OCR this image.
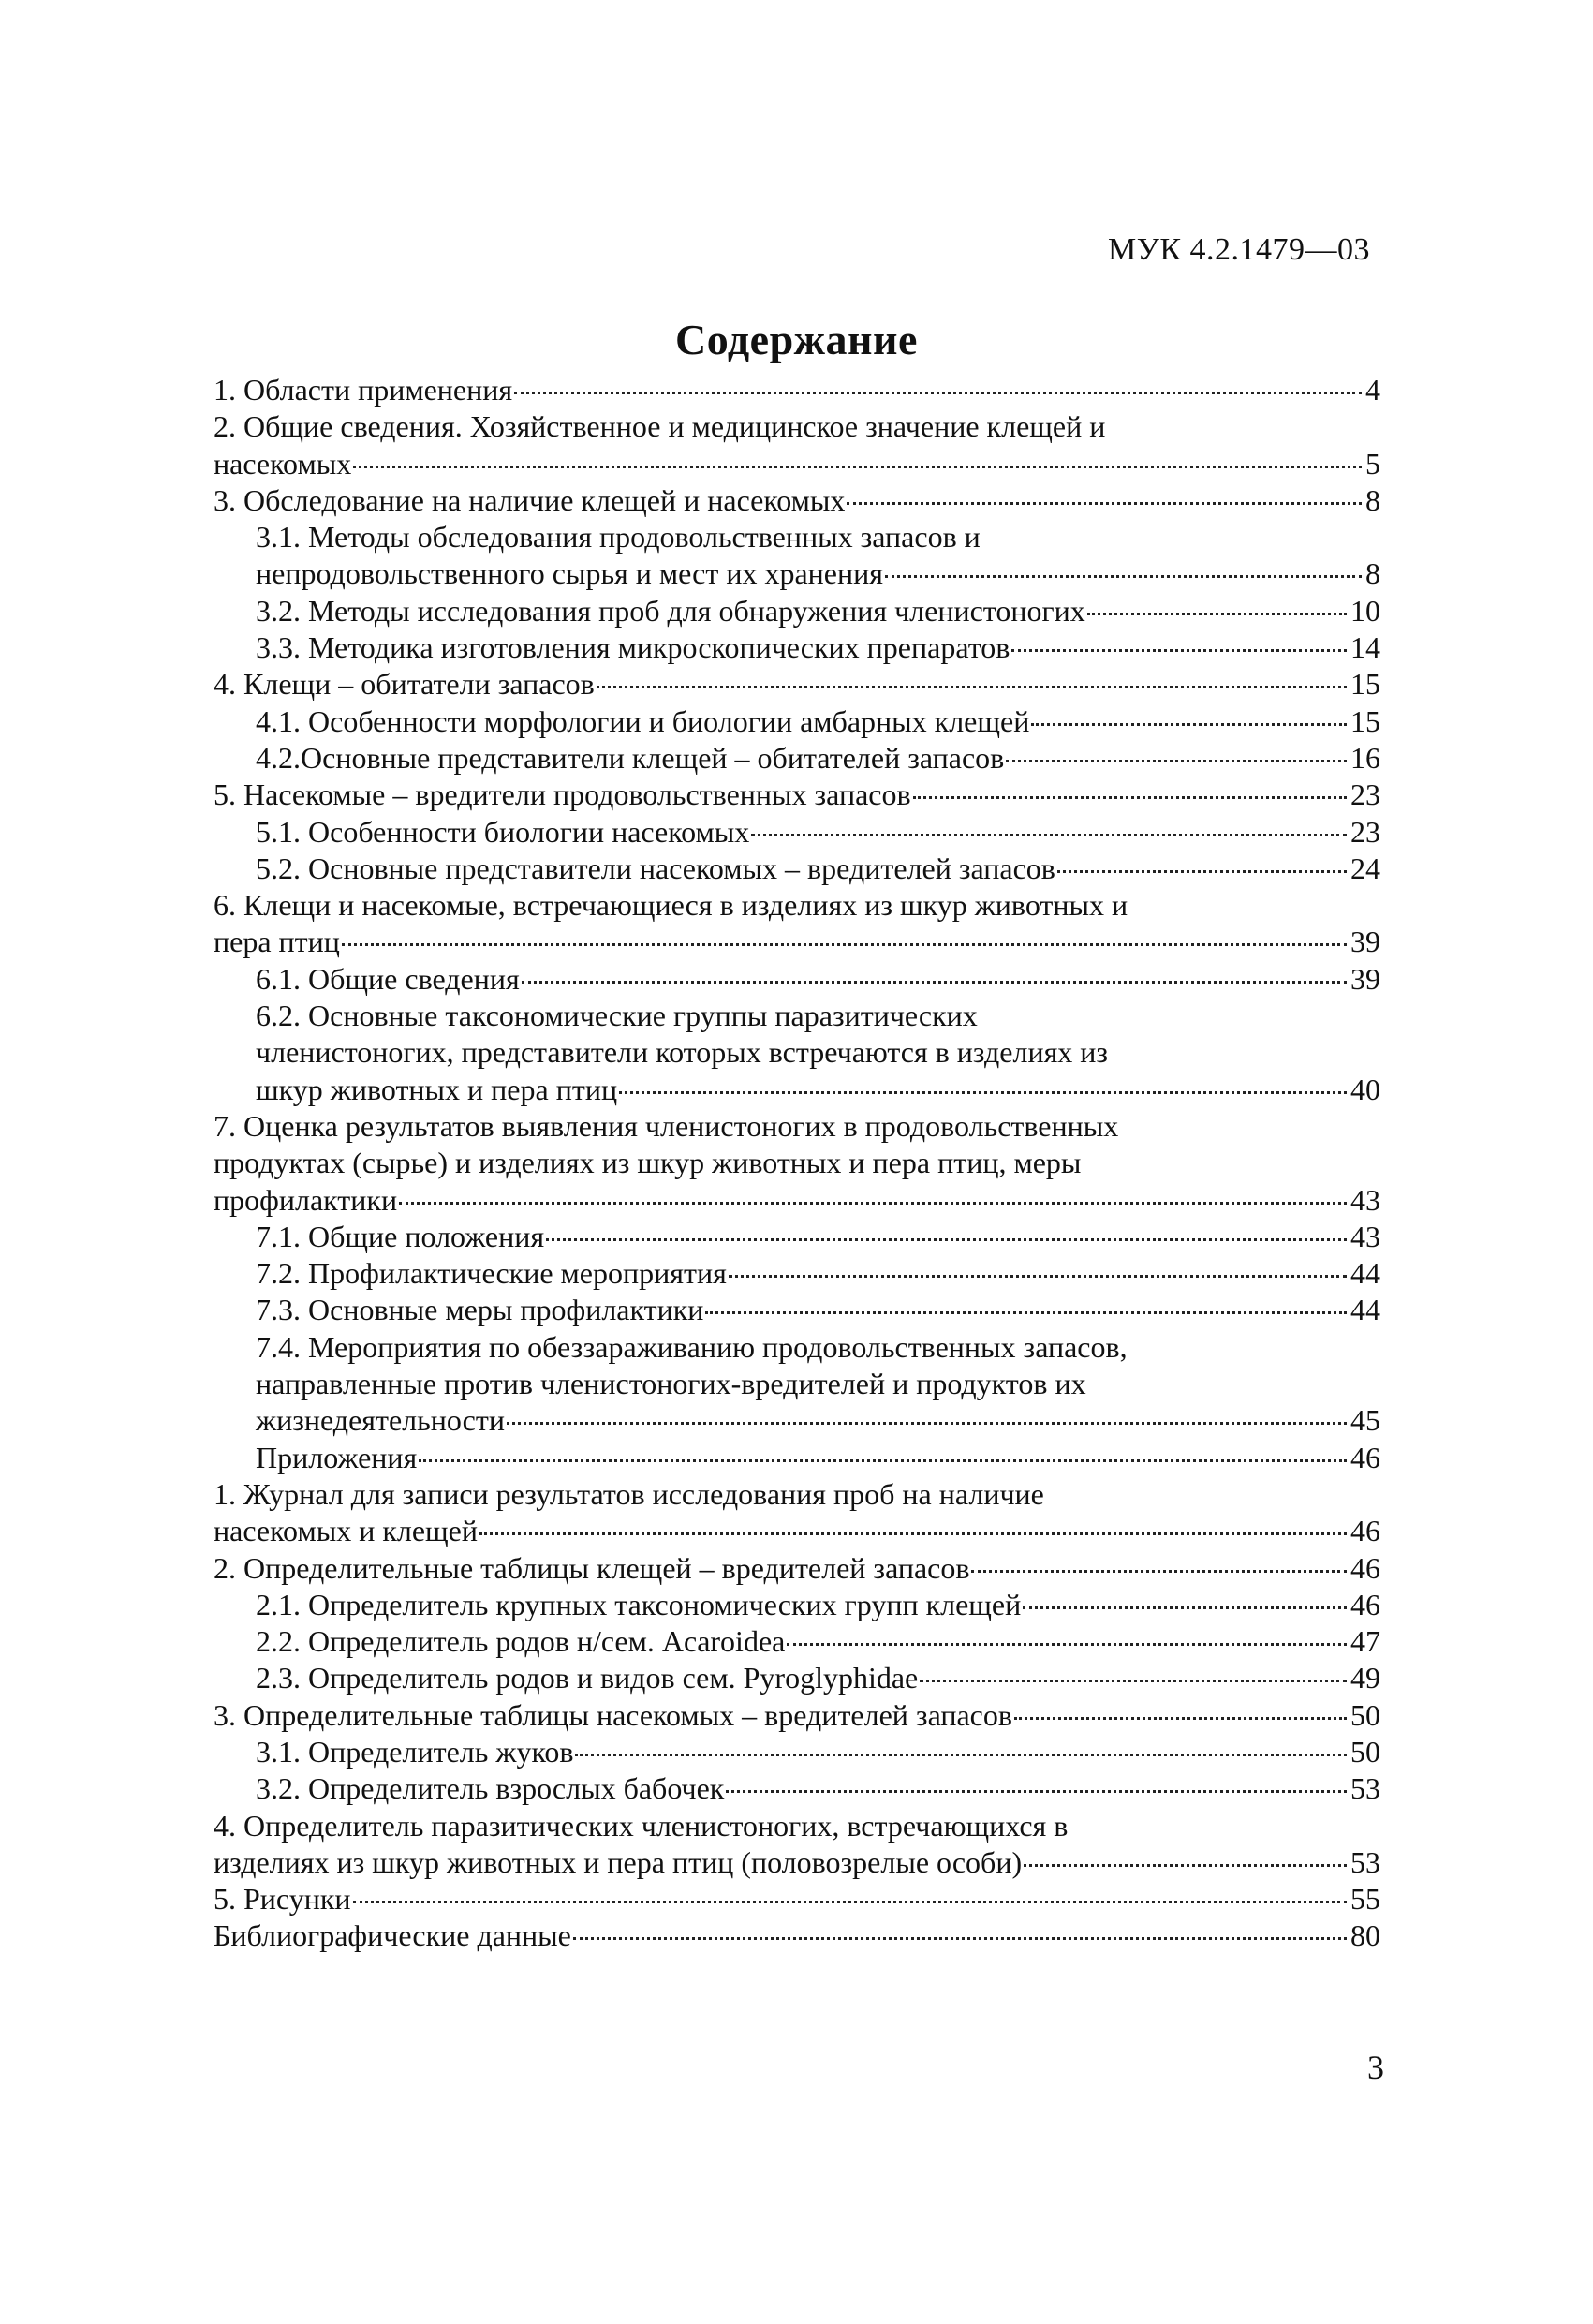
МУК 4.2.1479—03
Содержание
1. Области применения	4
2. Общие сведения. Хозяйственное и медицинское значение клещей и
насекомых	5
3. Обследование на наличие клещей и насекомых	8
3.1. Методы обследования продовольственных запасов и
непродовольственного сырья и мест их хранения	8
3.2. Методы исследования проб для обнаружения членистоногих	10
3.3. Методика изготовления микроскопических препаратов	14
4. Клещи – обитатели запасов	15
4.1. Особенности морфологии и биологии амбарных клещей	15
4.2.Основные представители клещей – обитателей запасов	16
5. Насекомые – вредители продовольственных запасов	23
5.1. Особенности биологии насекомых	23
5.2. Основные представители насекомых – вредителей запасов	24
6. Клещи и насекомые, встречающиеся в изделиях из шкур животных и
пера птиц	39
6.1. Общие сведения	39
6.2. Основные таксономические группы паразитических
членистоногих, представители которых встречаются в изделиях из
шкур животных и пера птиц	40
7. Оценка результатов выявления членистоногих в продовольственных
продуктах (сырье) и изделиях из шкур животных и пера птиц, меры
профилактики	43
7.1. Общие положения	43
7.2. Профилактические мероприятия	44
7.3. Основные меры профилактики	44
7.4. Мероприятия по обеззараживанию продовольственных запасов,
направленные против членистоногих-вредителей и продуктов их
жизнедеятельности	45
Приложения	46
1. Журнал для записи результатов исследования проб на наличие
насекомых и клещей	46
2. Определительные таблицы клещей – вредителей запасов	46
2.1. Определитель крупных таксономических групп клещей	46
2.2. Определитель родов н/сем. Acaroidea	47
2.3. Определитель родов и видов сем. Pyroglyphidae	49
3. Определительные таблицы насекомых – вредителей запасов	50
3.1. Определитель жуков	50
3.2. Определитель взрослых бабочек	53
4. Определитель паразитических членистоногих, встречающихся в
изделиях из шкур животных и пера птиц (половозрелые особи)	53
5. Рисунки	55
Библиографические данные	80
3
